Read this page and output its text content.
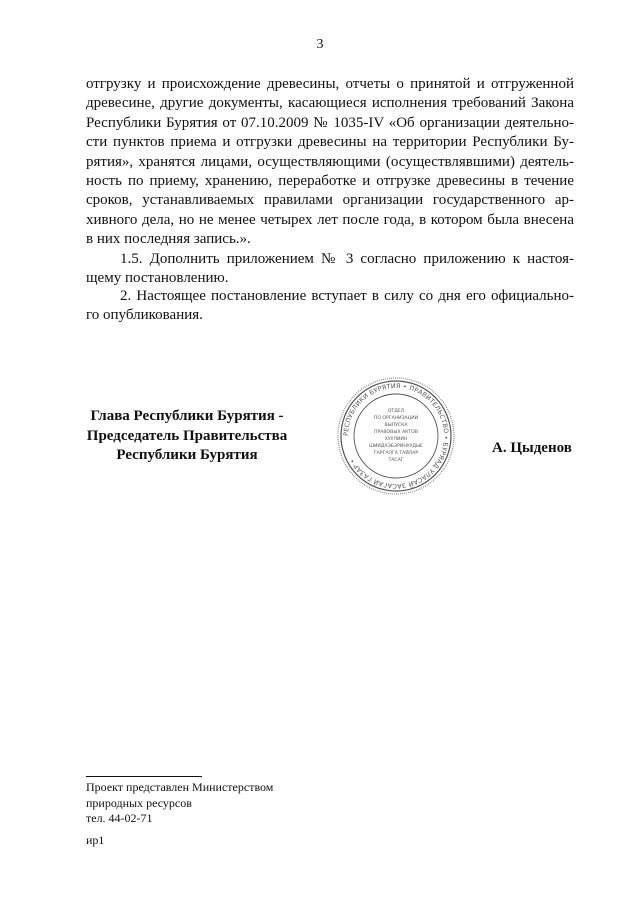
3

отгрузку и происхождение древесины, отчеты о принятой и отгруженной
древесине, другие документы, касающиеся исполнения требований Закона
Республики Бурятия от 07.10.2009 № 1035-IV «Об организации деятельно-
сти пунктов приема и отгрузки древесины на территории Республики Бу-
рятия», хранятся лицами, осуществляющими (осуществлявшими) деятель-
ность по приему, хранению, переработке и отгрузке древесины в течение
сроков, устанавливаемых правилами организации государственного ар-
хивного дела, но не менее четырех лет после года, в котором была внесена
в них последняя запись.».

1.5. Дополнить приложением № 3 согласно приложению к настоя-
щему постановлению.

2. Настоящее постановление вступает в силу со дня его официально-
го опубликования.

Глава Республики Бурятия -
Председатель Правительства
Республики Бурятия
РЕСПУБЛИКИ БУРЯТИЯ • ПРАВИТЕЛЬСТВО • БУРЯАД УЛАСАЙ ЗАСАГАЙ ГАЗАР •
ОТДЕЛ
ПО ОРГАНИЗАЦИИ
ВЫПУСКА
ПРАВОВЫХ АКТОВ
ХУУЛИИН
ШИИДХЭБЭРИНУУДЫЕ
ГАРГАЛГА ТАЙЛАР
ТАСАГ
А. Цыденов
Проект представлен Министерством
природных ресурсов
тел. 44-02-71
ир1
